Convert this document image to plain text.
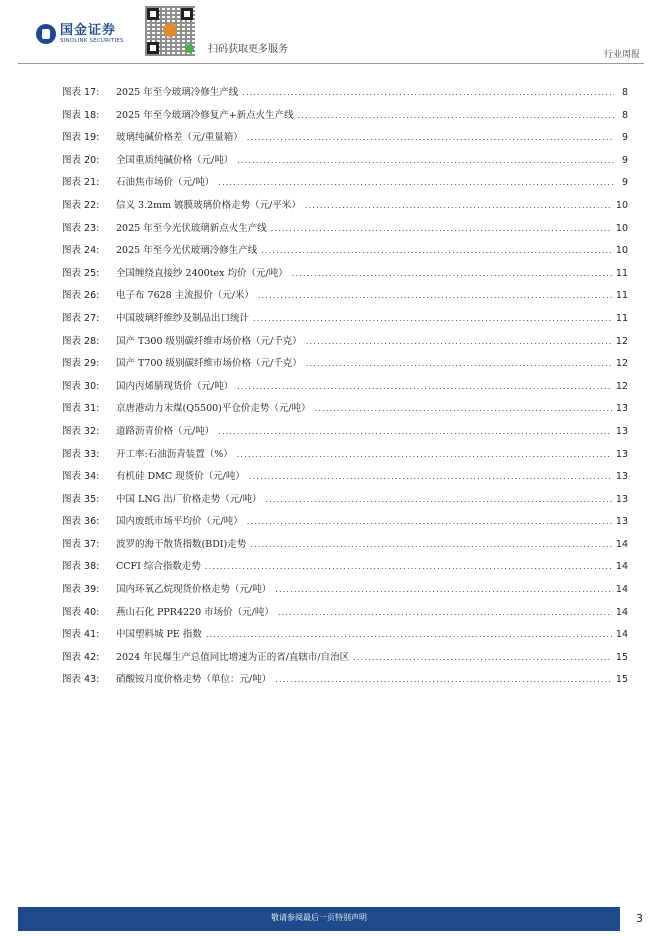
国金证券
SINOLINK SECURITIES
扫码获取更多服务	行业周报
图表 17:	2025 年至今玻璃冷修生产线 .....	8
图表 18:	2025 年至今玻璃冷修复产+新点火生产线 .....	8
图表 19:	玻璃纯碱价格差（元/重量箱） .....	9
图表 20:	全国重质纯碱价格（元/吨） .....	9
图表 21:	石油焦市场价（元/吨） .....	9
图表 22:	信义 3.2mm 镀膜玻璃价格走势（元/平米） .....	10
图表 23:	2025 年至今光伏玻璃新点火生产线 .....	10
图表 24:	2025 年至今光伏玻璃冷修生产线 .....	10
图表 25:	全国缠绕直接纱 2400tex 均价（元/吨） .....	11
图表 26:	电子布 7628 主流报价（元/米） .....	11
图表 27:	中国玻璃纤维纱及制品出口统计 .....	11
图表 28:	国产 T300 级别碳纤维市场价格（元/千克） .....	12
图表 29:	国产 T700 级别碳纤维市场价格（元/千克） .....	12
图表 30:	国内丙烯腈现货价（元/吨） .....	12
图表 31:	京唐港动力末煤(Q5500)平仓价走势（元/吨） .....	13
图表 32:	道路沥青价格（元/吨） .....	13
图表 33:	开工率:石油沥青装置（%） .....	13
图表 34:	有机硅 DMC 现货价（元/吨） .....	13
图表 35:	中国 LNG 出厂价格走势（元/吨） .....	13
图表 36:	国内废纸市场平均价（元/吨） .....	13
图表 37:	波罗的海干散货指数(BDI)走势 .....	14
图表 38:	CCFI 综合指数走势 .....	14
图表 39:	国内环氧乙烷现货价格走势（元/吨） .....	14
图表 40:	燕山石化 PPR4220 市场价（元/吨） .....	14
图表 41:	中国塑料城 PE 指数 .....	14
图表 42:	2024 年民爆生产总值同比增速为正的省/直辖市/自治区 .....	15
图表 43:	硝酸铵月度价格走势（单位：元/吨） .....	15
敬请参阅最后一页特别声明	3
